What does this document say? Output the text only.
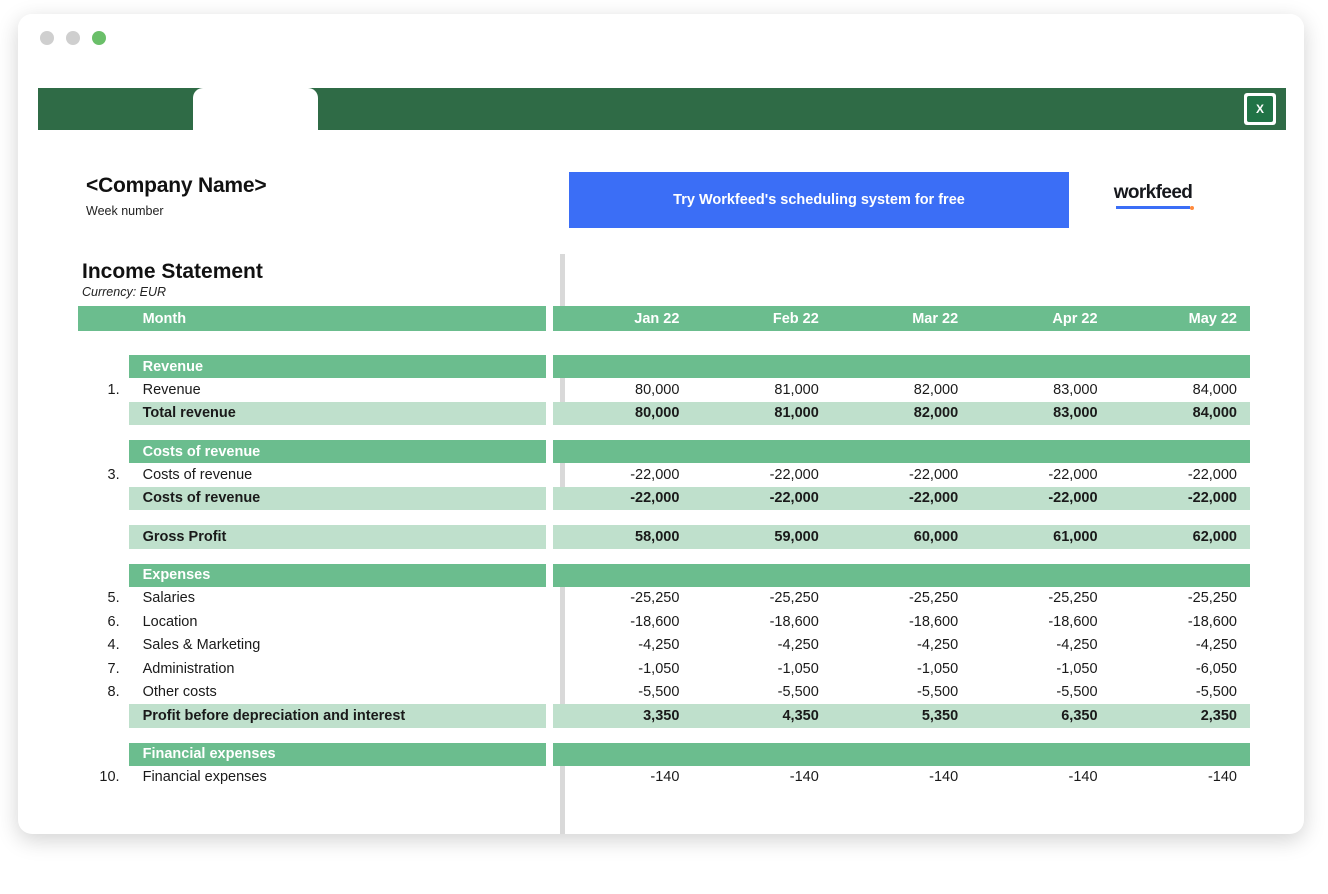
X
<Company Name>
Week number
Try Workfeed's scheduling system for free	workfeed
Income Statement
Currency: EUR
	Month		Jan 22	Feb 22	Mar 22	Apr 22	May 22

	Revenue						
1.	Revenue		80,000	81,000	82,000	83,000	84,000
	Total revenue		80,000	81,000	82,000	83,000	84,000

	Costs of revenue						
3.	Costs of revenue		-22,000	-22,000	-22,000	-22,000	-22,000
	Costs of revenue		-22,000	-22,000	-22,000	-22,000	-22,000

	Gross Profit		58,000	59,000	60,000	61,000	62,000

	Expenses						
5.	Salaries		-25,250	-25,250	-25,250	-25,250	-25,250
6.	Location		-18,600	-18,600	-18,600	-18,600	-18,600
4.	Sales & Marketing		-4,250	-4,250	-4,250	-4,250	-4,250
7.	Administration		-1,050	-1,050	-1,050	-1,050	-6,050
8.	Other costs		-5,500	-5,500	-5,500	-5,500	-5,500
	Profit before depreciation and interest		3,350	4,350	5,350	6,350	2,350

	Financial expenses						
10.	Financial expenses		-140	-140	-140	-140	-140
